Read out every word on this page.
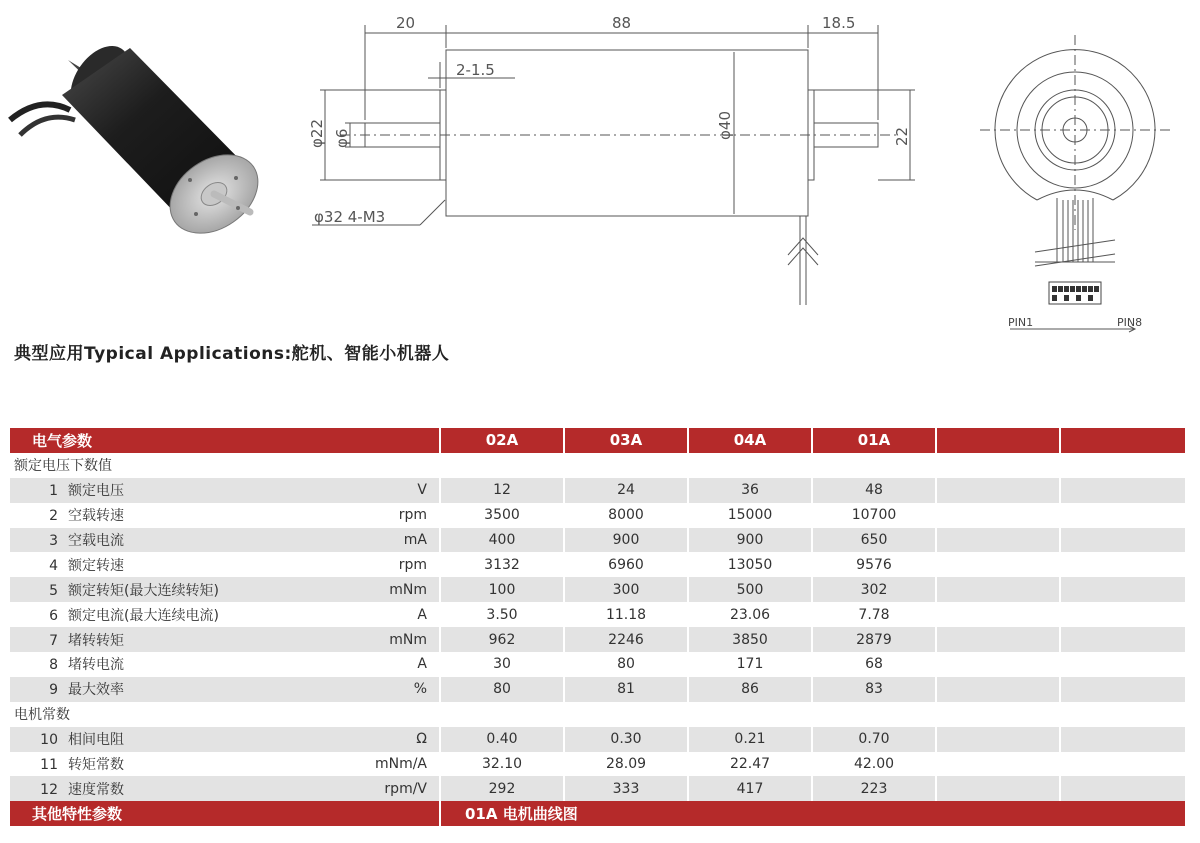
20	88	18.5
2-1.5
φ22 φ6	φ40	22
φ32 4-M3
PIN1	PIN8
典型应用Typical Applications:舵机、智能小机器人
电气参数	02A	03A	04A	01A		
额定电压下数值						

1 额定电压 V	12	24	36	48		

2 空载转速 rpm	3500	8000	15000	10700		

3 空载电流 mA	400	900	900	650		

4 额定转速 rpm	3132	6960	13050	9576		

5 额定转矩(最大连续转矩) mNm	100	300	500	302		

6 额定电流(最大连续电流) A	3.50	11.18	23.06	7.78		

7 堵转转矩 mNm	962	2246	3850	2879		

8 堵转电流 A	30	80	171	68		

9 最大效率 %	80	81	86	83		
电机常数						

10 相间电阻 Ω	0.40	0.30	0.21	0.70		

11 转矩常数 mNm/A	32.10	28.09	22.47	42.00		

12 速度常数 rpm/V	292	333	417	223		
其他特性参数	01A 电机曲线图					
